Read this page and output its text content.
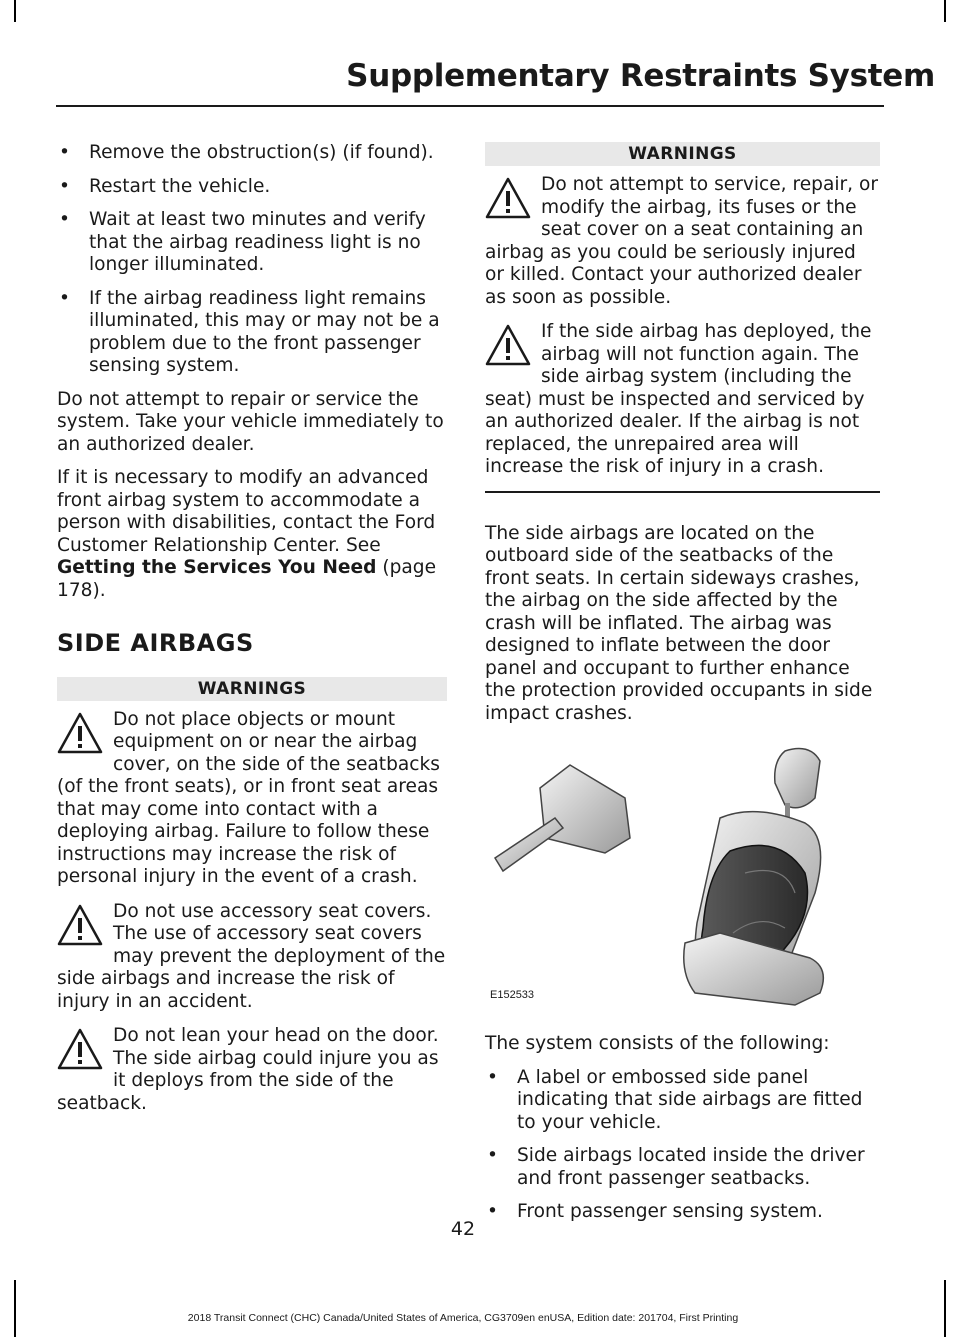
Supplementary Restraints System
• Remove the obstruction(s) (if found).
• Restart the vehicle.
• Wait at least two minutes and verify that the airbag readiness light is no longer illuminated.
• If the airbag readiness light remains illuminated, this may or may not be a problem due to the front passenger sensing system.

Do not attempt to repair or service the system. Take your vehicle immediately to an authorized dealer.

If it is necessary to modify an advanced front airbag system to accommodate a person with disabilities, contact the Ford Customer Relationship Center. See Getting the Services You Need (page 178).

SIDE AIRBAGS
WARNINGS
Do not place objects or mount equipment on or near the airbag cover, on the side of the seatbacks (of the front seats), or in front seat areas that may come into contact with a deploying airbag. Failure to follow these instructions may increase the risk of personal injury in the event of a crash.
Do not use accessory seat covers. The use of accessory seat covers may prevent the deployment of the side airbags and increase the risk of injury in an accident.
Do not lean your head on the door. The side airbag could injure you as it deploys from the side of the seatback.
WARNINGS
Do not attempt to service, repair, or modify the airbag, its fuses or the seat cover on a seat containing an airbag as you could be seriously injured or killed. Contact your authorized dealer as soon as possible.
If the side airbag has deployed, the airbag will not function again. The side airbag system (including the seat) must be inspected and serviced by an authorized dealer. If the airbag is not replaced, the unrepaired area will increase the risk of injury in a crash.

The side airbags are located on the outboard side of the seatbacks of the front seats. In certain sideways crashes, the airbag on the side affected by the crash will be inflated. The airbag was designed to inflate between the door panel and occupant to further enhance the protection provided occupants in side impact crashes.

E152533

The system consists of the following:

• A label or embossed side panel indicating that side airbags are fitted to your vehicle.
• Side airbags located inside the driver and front passenger seatbacks.
• Front passenger sensing system.
42
2018 Transit Connect (CHC) Canada/United States of America, CG3709en enUSA, Edition date: 201704, First Printing
